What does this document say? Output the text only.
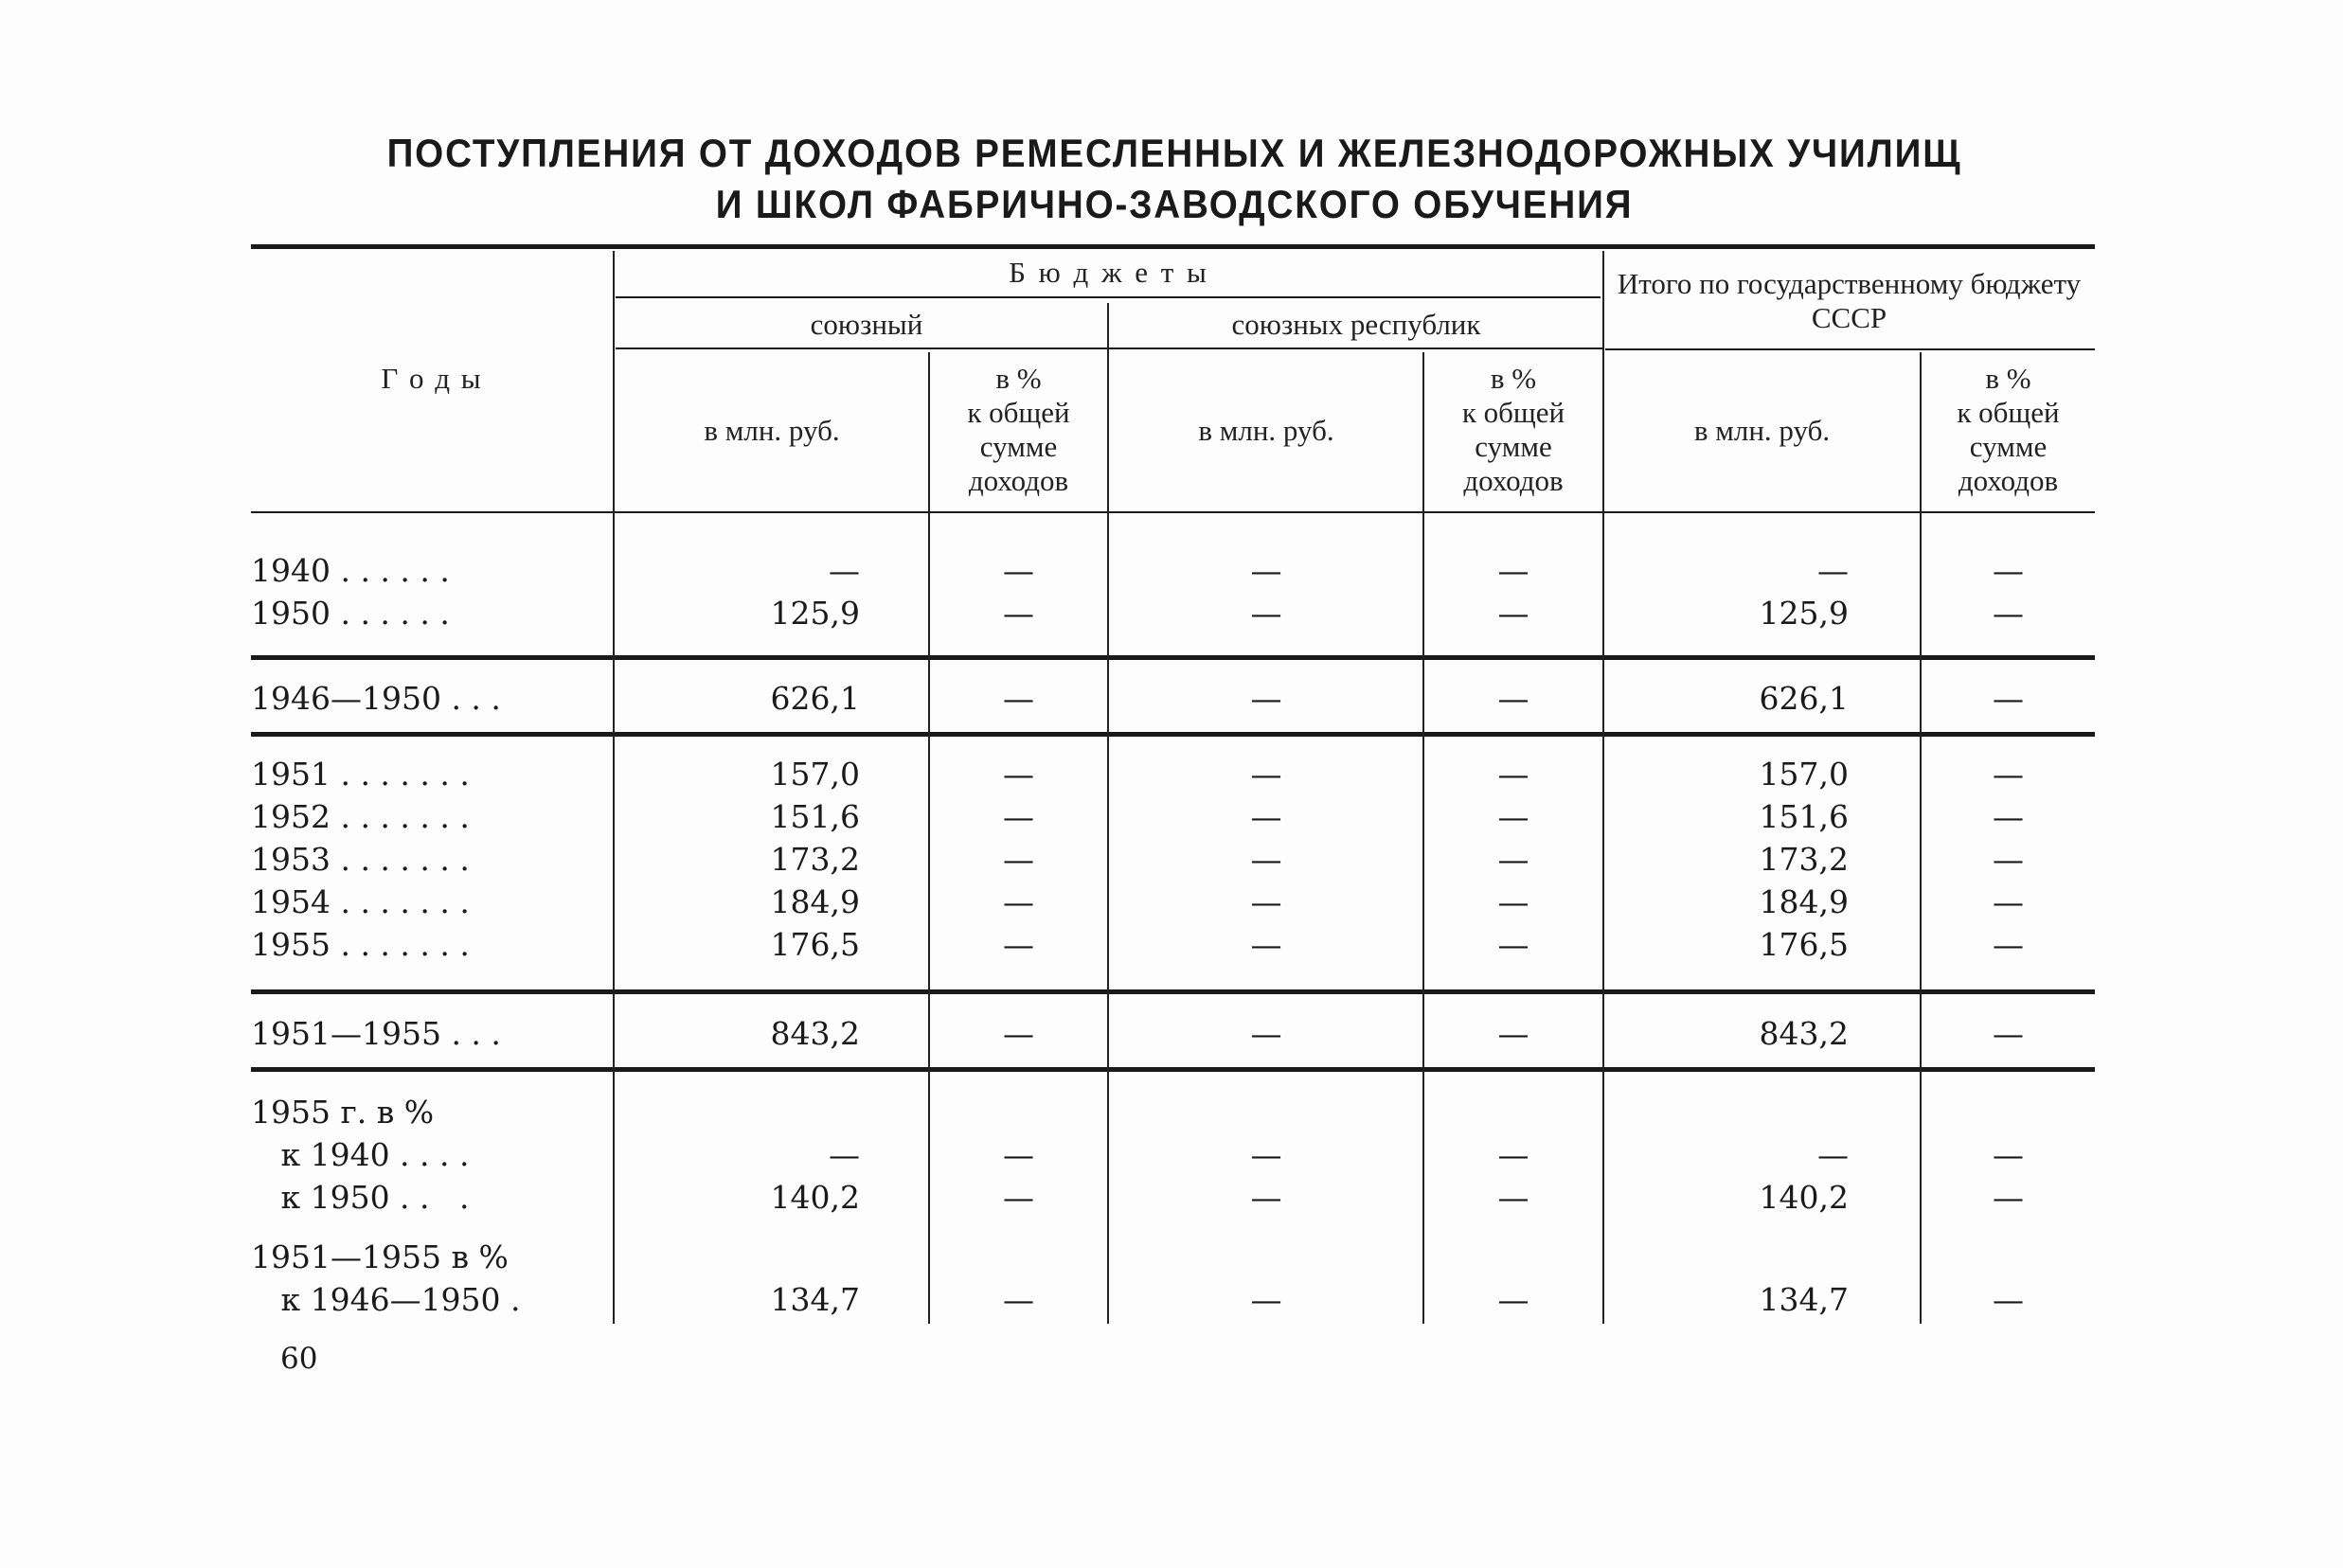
ПОСТУПЛЕНИЯ ОТ ДОХОДОВ РЕМЕСЛЕННЫХ И ЖЕЛЕЗНОДОРОЖНЫХ УЧИЛИЩ
И ШКОЛ ФАБРИЧНО-ЗАВОДСКОГО ОБУЧЕНИЯ
Г о д ы
Б ю д ж е т ы
союзный	союзных республик
Итого по государственному бюджету СССР
в млн. руб.
в %
к общей
сумме
доходов
в млн. руб.
в %
к общей
сумме
доходов
в млн. руб.
в %
к общей
сумме
доходов
1940 . . . . . .	—	—	—	—	—	—
1950 . . . . . .	125,9	—	—	—	125,9	—
1946—1950 . . .	626,1	—	—	—	626,1	—
1951 . . . . . . .	157,0	—	—	—	157,0	—
1952 . . . . . . .	151,6	—	—	—	151,6	—
1953 . . . . . . .	173,2	—	—	—	173,2	—
1954 . . . . . . .	184,9	—	—	—	184,9	—
1955 . . . . . . .	176,5	—	—	—	176,5	—
1951—1955 . . .	843,2	—	—	—	843,2	—
1955 г. в %
к 1940 . . . .	—	—	—	—	—	—
к 1950 . .   .	140,2	—	—	—	140,2	—
1951—1955 в %
к 1946—1950 .	134,7	—	—	—	134,7	—
60
